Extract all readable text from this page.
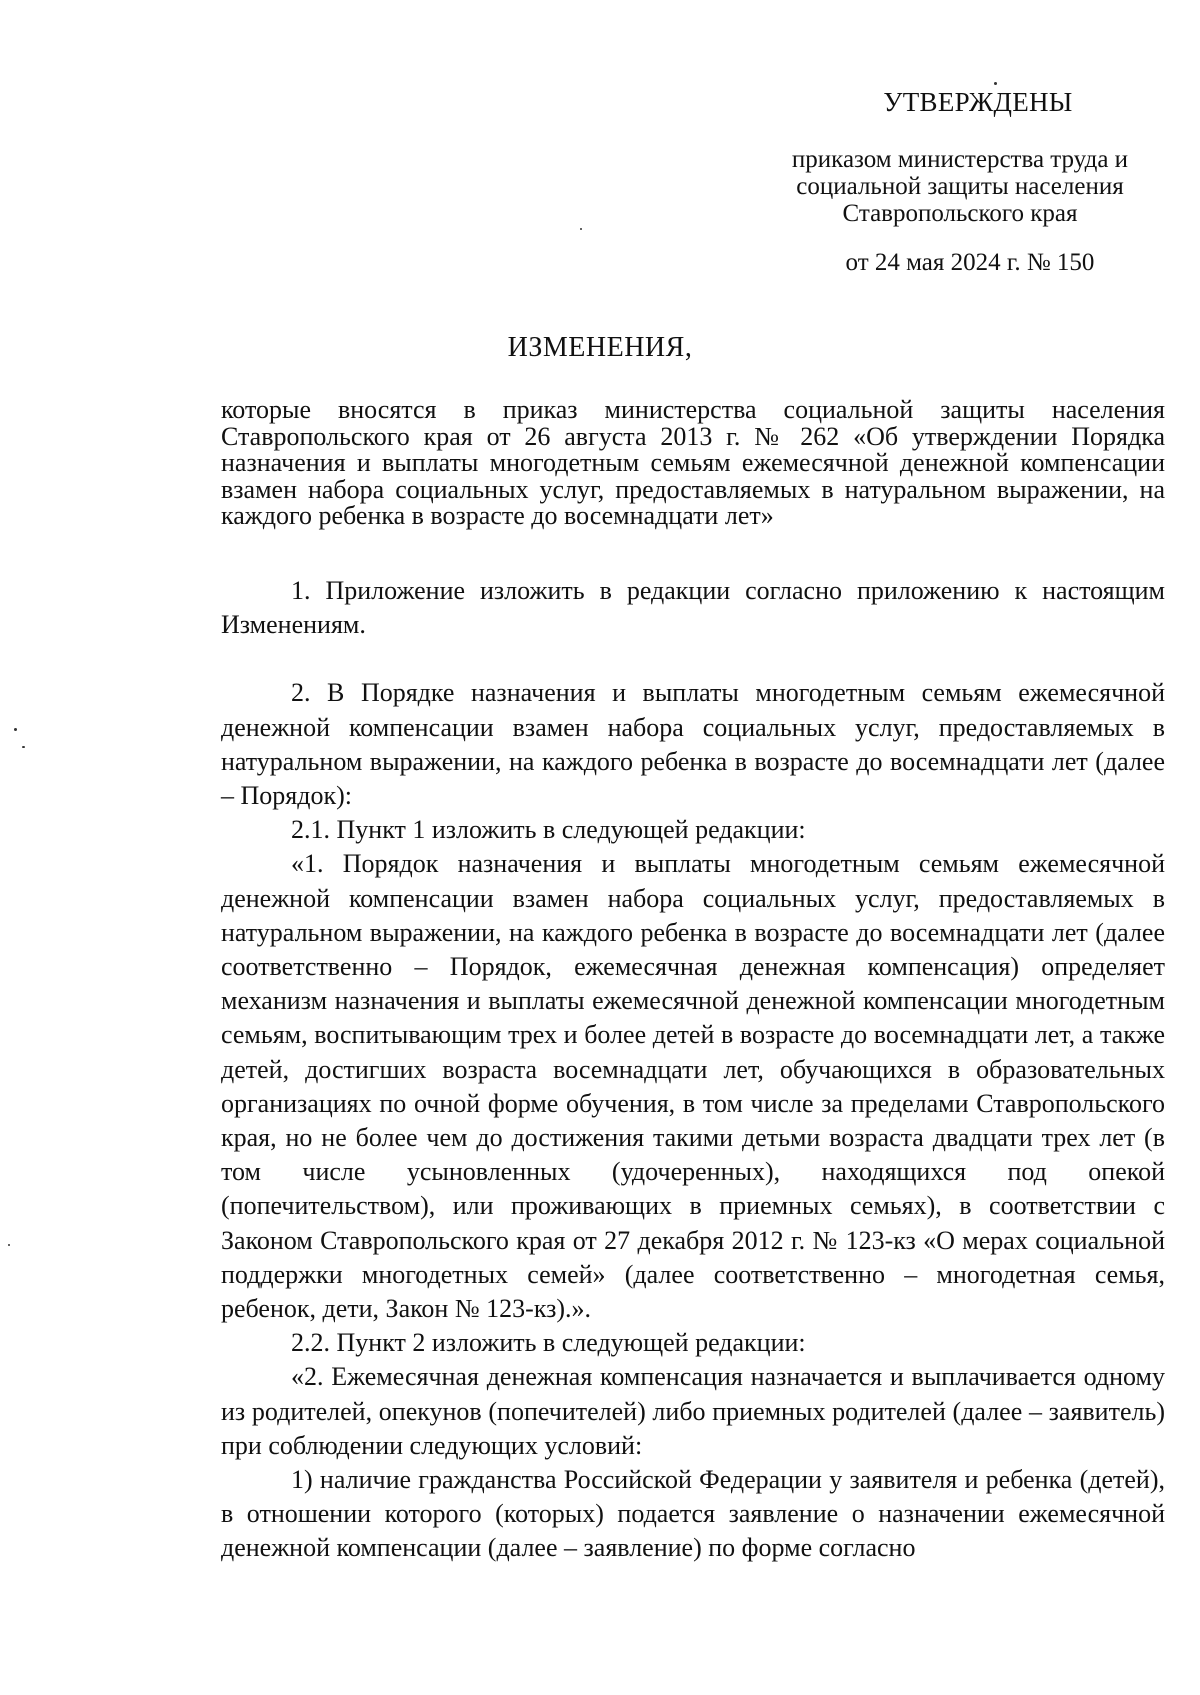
УТВЕРЖДЕНЫ
приказом министерства труда и
социальной защиты населения
Ставропольского края
от 24 мая 2024 г. № 150
ИЗМЕНЕНИЯ,
которые вносятся в приказ министерства социальной защиты населения Ставропольского края от 26 августа 2013 г. № 262 «Об утверждении Порядка назначения и выплаты многодетным семьям ежемесячной денежной компенсации взамен набора социальных услуг, предоставляемых в натуральном выражении, на каждого ребенка в возрасте до восемнадцати лет»

1. Приложение изложить в редакции согласно приложению к настоящим Изменениям.

2. В Порядке назначения и выплаты многодетным семьям ежемесячной денежной компенсации взамен набора социальных услуг, предоставляемых в натуральном выражении, на каждого ребенка в возрасте до восемнадцати лет (далее – Порядок):

2.1. Пункт 1 изложить в следующей редакции:

«1. Порядок назначения и выплаты многодетным семьям ежемесячной денежной компенсации взамен набора социальных услуг, предоставляемых в натуральном выражении, на каждого ребенка в возрасте до восемнадцати лет (далее соответственно – Порядок, ежемесячная денежная компенсация) определяет механизм назначения и выплаты ежемесячной денежной компенсации многодетным семьям, воспитывающим трех и более детей в возрасте до восемнадцати лет, а также детей, достигших возраста восемнадцати лет, обучающихся в образовательных организациях по очной форме обучения, в том числе за пределами Ставропольского края, но не более чем до достижения такими детьми возраста двадцати трех лет (в том числе усыновленных (удочеренных), находящихся под опекой (попечительством), или проживающих в приемных семьях), в соответствии с Законом Ставропольского края от 27 декабря 2012 г. № 123-кз «О мерах социальной поддержки многодетных семей» (далее соответственно – многодетная семья, ребенок, дети, Закон № 123-кз).».

2.2. Пункт 2 изложить в следующей редакции:

«2. Ежемесячная денежная компенсация назначается и выплачивается одному из родителей, опекунов (попечителей) либо приемных родителей (далее – заявитель) при соблюдении следующих условий:

1) наличие гражданства Российской Федерации у заявителя и ребенка (детей), в отношении которого (которых) подается заявление о назначении ежемесячной денежной компенсации (далее – заявление) по форме согласно
